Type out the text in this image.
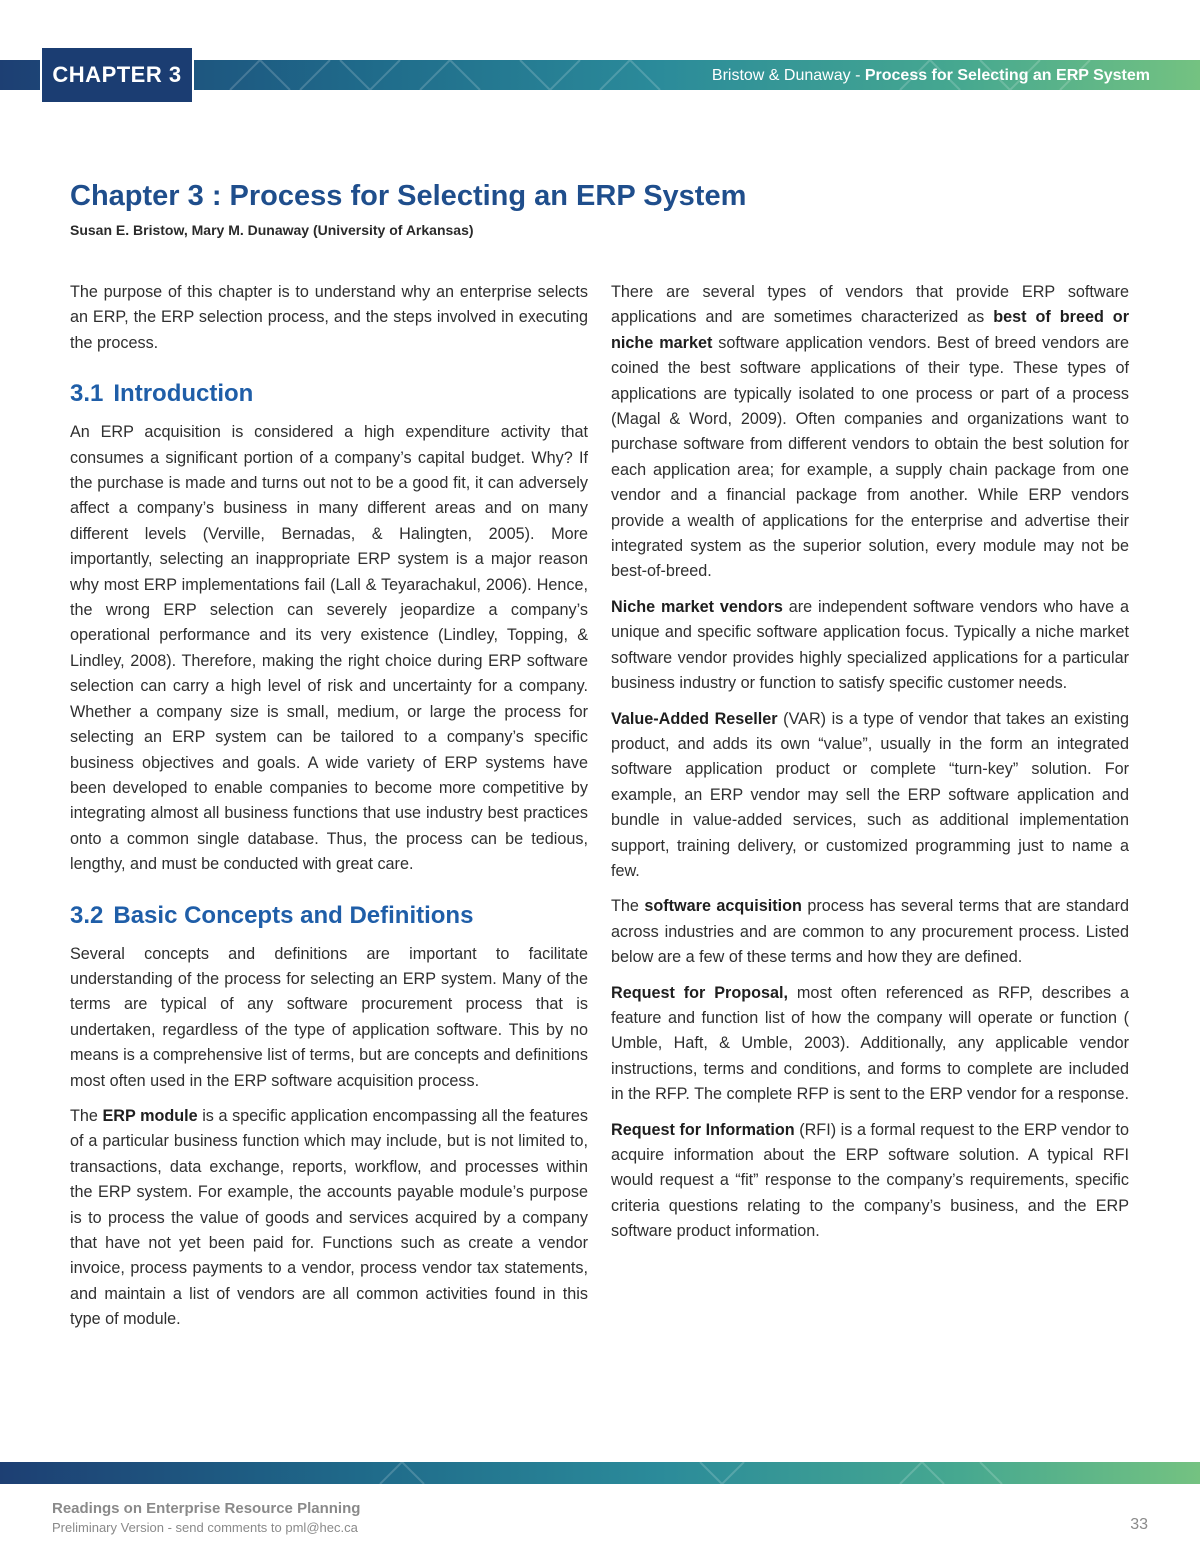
CHAPTER 3	Bristow & Dunaway - Process for Selecting an ERP System
Chapter 3 : Process for Selecting an ERP System
Susan E. Bristow, Mary M. Dunaway (University of Arkansas)

The purpose of this chapter is to understand why an enterprise selects an ERP, the ERP selection process, and the steps involved in executing the process.

3.1 Introduction

An ERP acquisition is considered a high expenditure activity that consumes a significant portion of a company’s capital budget. Why? If the purchase is made and turns out not to be a good fit, it can adversely affect a company’s business in many different areas and on many different levels (Verville, Bernadas, & Halingten, 2005). More importantly, selecting an inappropriate ERP system is a major reason why most ERP implementations fail (Lall & Teyarachakul, 2006). Hence, the wrong ERP selection can severely jeopardize a company’s operational performance and its very existence (Lindley, Topping, & Lindley, 2008). Therefore, making the right choice during ERP software selection can carry a high level of risk and uncertainty for a company. Whether a company size is small, medium, or large the process for selecting an ERP system can be tailored to a company’s specific business objectives and goals. A wide variety of ERP systems have been developed to enable companies to become more competitive by integrating almost all business functions that use industry best practices onto a common single database. Thus, the process can be tedious, lengthy, and must be conducted with great care.

3.2 Basic Concepts and Definitions

Several concepts and definitions are important to facilitate understanding of the process for selecting an ERP system. Many of the terms are typical of any software procurement process that is undertaken, regardless of the type of application software. This by no means is a comprehensive list of terms, but are concepts and definitions most often used in the ERP software acquisition process.

The ERP module is a specific application encompassing all the features of a particular business function which may include, but is not limited to, transactions, data exchange, reports, workflow, and processes within the ERP system. For example, the accounts payable module’s purpose is to process the value of goods and services acquired by a company that have not yet been paid for. Functions such as create a vendor invoice, process payments to a vendor, process vendor tax statements, and maintain a list of vendors are all common activities found in this type of module.

There are several types of vendors that provide ERP software applications and are sometimes characterized as best of breed or niche market software application vendors. Best of breed vendors are coined the best software applications of their type. These types of applications are typically isolated to one process or part of a process (Magal & Word, 2009). Often companies and organizations want to purchase software from different vendors to obtain the best solution for each application area; for example, a supply chain package from one vendor and a financial package from another. While ERP vendors provide a wealth of applications for the enterprise and advertise their integrated system as the superior solution, every module may not be best-of-breed.

Niche market vendors are independent software vendors who have a unique and specific software application focus. Typically a niche market software vendor provides highly specialized applications for a particular business industry or function to satisfy specific customer needs.

Value-Added Reseller (VAR) is a type of vendor that takes an existing product, and adds its own “value”, usually in the form an integrated software application product or complete “turn-key” solution. For example, an ERP vendor may sell the ERP software application and bundle in value-added services, such as additional implementation support, training delivery, or customized programming just to name a few.

The software acquisition process has several terms that are standard across industries and are common to any procurement process. Listed below are a few of these terms and how they are defined.

Request for Proposal, most often referenced as RFP, describes a feature and function list of how the company will operate or function ( Umble, Haft, & Umble, 2003). Additionally, any applicable vendor instructions, terms and conditions, and forms to complete are included in the RFP. The complete RFP is sent to the ERP vendor for a response.

Request for Information (RFI) is a formal request to the ERP vendor to acquire information about the ERP software solution. A typical RFI would request a “fit” response to the company’s requirements, specific criteria questions relating to the company’s business, and the ERP software product information.

Readings on Enterprise Resource Planning
Preliminary Version - send comments to pml@hec.ca	33
